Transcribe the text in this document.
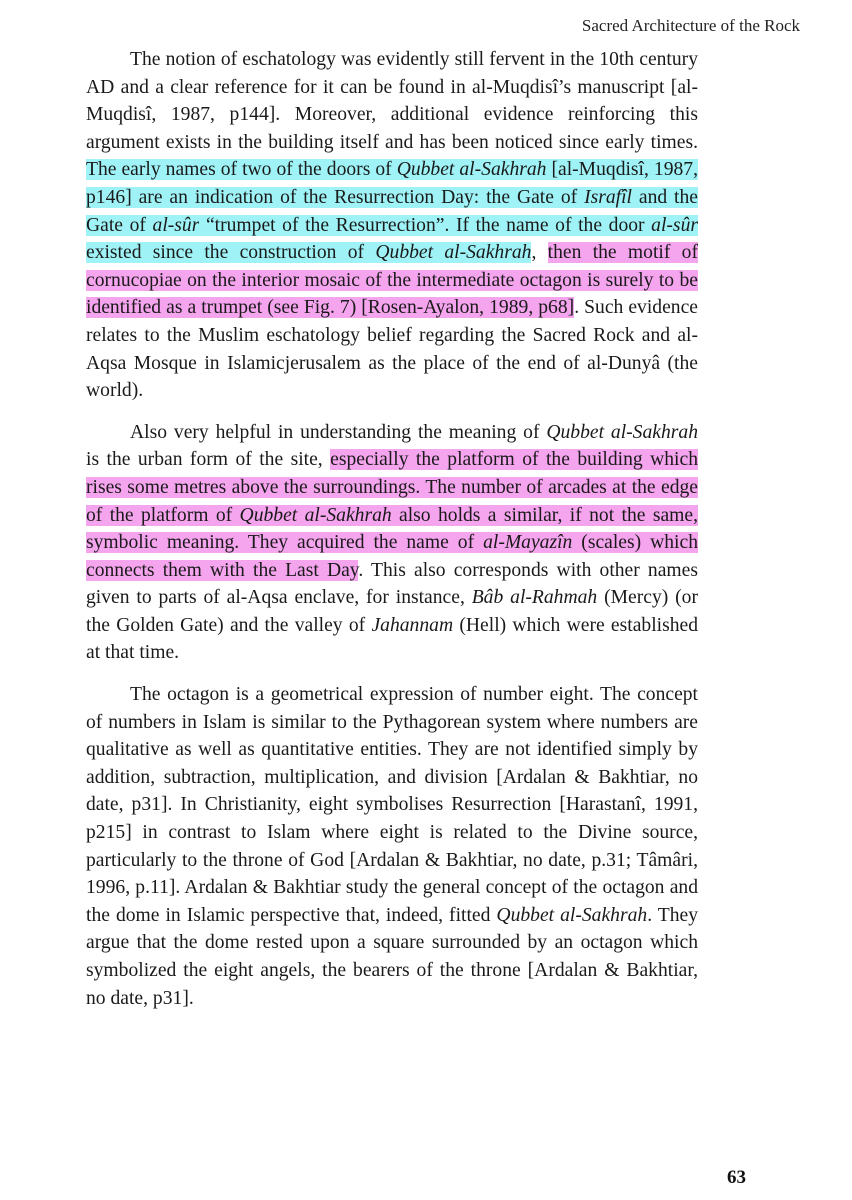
Sacred Architecture of the Rock

The notion of eschatology was evidently still fervent in the 10th century AD and a clear reference for it can be found in al-Muqdisî’s manuscript [al-Muqdisî, 1987, p144]. Moreover, additional evidence reinforcing this argument exists in the building itself and has been noticed since early times. The early names of two of the doors of Qubbet al-Sakhrah [al-Muqdisî, 1987, p146] are an indication of the Resurrection Day: the Gate of Israfîl and the Gate of al-sûr “trumpet of the Resurrection”. If the name of the door al-sûr existed since the construction of Qubbet al-Sakhrah, then the motif of cornucopiae on the interior mosaic of the intermediate octagon is surely to be identified as a trumpet (see Fig. 7) [Rosen-Ayalon, 1989, p68]. Such evidence relates to the Muslim eschatology belief regarding the Sacred Rock and al-Aqsa Mosque in Islamicjerusalem as the place of the end of al-Dunyâ (the world).

Also very helpful in understanding the meaning of Qubbet al-Sakhrah is the urban form of the site, especially the platform of the building which rises some metres above the surroundings. The number of arcades at the edge of the platform of Qubbet al-Sakhrah also holds a similar, if not the same, symbolic meaning. They acquired the name of al-Mayazîn (scales) which connects them with the Last Day. This also corresponds with other names given to parts of al-Aqsa enclave, for instance, Bâb al-Rahmah (Mercy) (or the Golden Gate) and the valley of Jahannam (Hell) which were established at that time.

The octagon is a geometrical expression of number eight. The concept of numbers in Islam is similar to the Pythagorean system where numbers are qualitative as well as quantitative entities. They are not identified simply by addition, subtraction, multiplication, and division [Ardalan & Bakhtiar, no date, p31]. In Christianity, eight symbolises Resurrection [Harastanî, 1991, p215] in contrast to Islam where eight is related to the Divine source, particularly to the throne of God [Ardalan & Bakhtiar, no date, p.31; Tâmâri, 1996, p.11]. Ardalan & Bakhtiar study the general concept of the octagon and the dome in Islamic perspective that, indeed, fitted Qubbet al-Sakhrah. They argue that the dome rested upon a square surrounded by an octagon which symbolized the eight angels, the bearers of the throne [Ardalan & Bakhtiar, no date, p31].

63
